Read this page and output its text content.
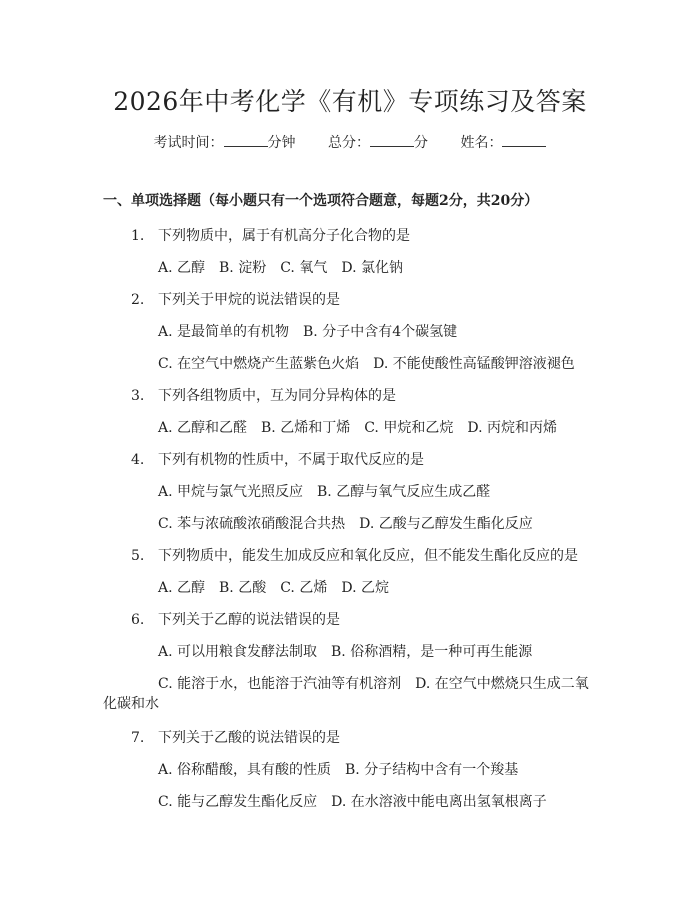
2026年中考化学《有机》专项练习及答案
考试时间：	分钟 总分：	分 姓名：
一、单项选择题（每小题只有一个选项符合题意，每题2分，共20分）
1. 下列物质中，属于有机高分子化合物的是
A. 乙醇 B. 淀粉 C. 氧气 D. 氯化钠
2. 下列关于甲烷的说法错误的是
A. 是最简单的有机物 B. 分子中含有4个碳氢键
C. 在空气中燃烧产生蓝紫色火焰 D. 不能使酸性高锰酸钾溶液褪色
3. 下列各组物质中，互为同分异构体的是
A. 乙醇和乙醛 B. 乙烯和丁烯 C. 甲烷和乙烷 D. 丙烷和丙烯
4. 下列有机物的性质中，不属于取代反应的是
A. 甲烷与氯气光照反应 B. 乙醇与氧气反应生成乙醛
C. 苯与浓硫酸浓硝酸混合共热 D. 乙酸与乙醇发生酯化反应
5. 下列物质中，能发生加成反应和氧化反应，但不能发生酯化反应的是
A. 乙醇 B. 乙酸 C. 乙烯 D. 乙烷
6. 下列关于乙醇的说法错误的是
A. 可以用粮食发酵法制取 B. 俗称酒精，是一种可再生能源
C. 能溶于水，也能溶于汽油等有机溶剂 D. 在空气中燃烧只生成二氧
化碳和水
7. 下列关于乙酸的说法错误的是
A. 俗称醋酸，具有酸的性质 B. 分子结构中含有一个羧基
C. 能与乙醇发生酯化反应 D. 在水溶液中能电离出氢氧根离子
